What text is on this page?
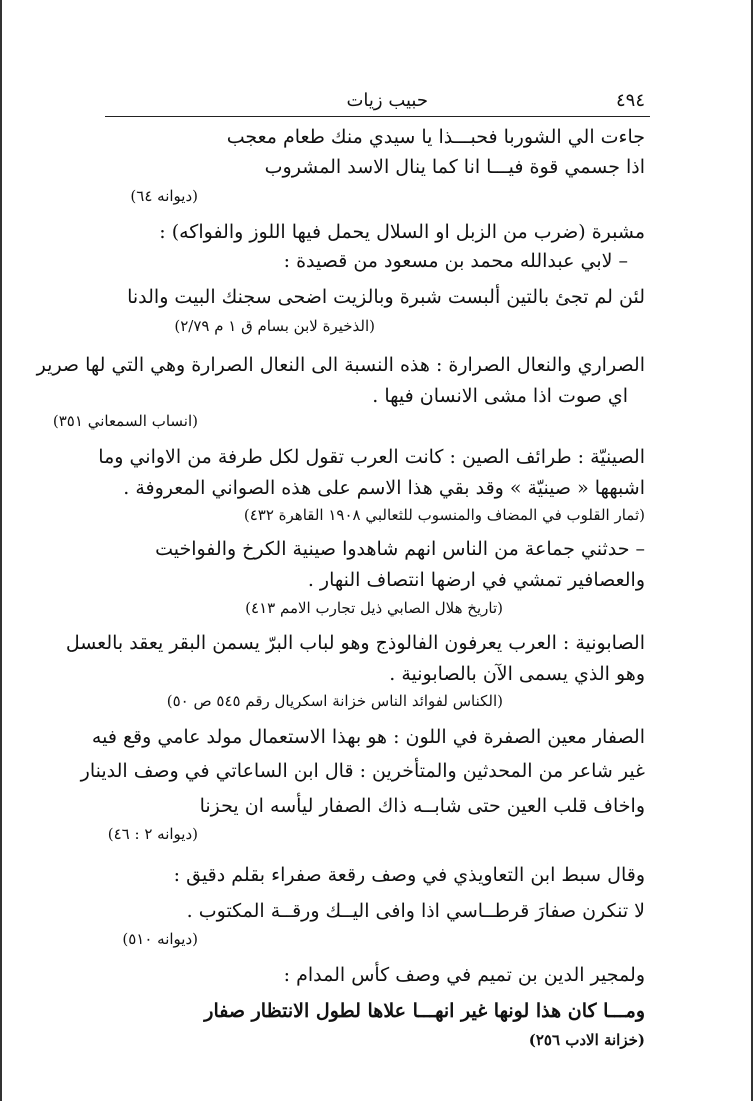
٤٩٤
حبيب زيات
جاءت الي الشوربا فحبـــذا يا سيدي منك طعام معجب
اذا جسمي قوة فيـــا انا كما ينال الاسد المشروب
(ديوانه ٦٤)
مشبرة (ضرب من الزبل او السلال يحمل فيها اللوز والفواكه) :
– لابي عبدالله محمد بن مسعود من قصيدة :
لئن لم تجئ بالتين ألبست شبرة وبالزيت اضحى سجنك البيت والدنا
(الذخيرة لابن بسام ق ١ م ٢/٧٩)
الصراري والنعال الصرارة : هذه النسبة الى النعال الصرارة وهي التي لها صرير
اي صوت اذا مشى الانسان فيها .
(انساب السمعاني ٣٥١)
الصينيّة : طرائف الصين : كانت العرب تقول لكل طرفة من الاواني وما
اشبهها « صينيّة » وقد بقي هذا الاسم على هذه الصواني المعروفة .
(ثمار القلوب في المضاف والمنسوب للثعالبي ١٩٠٨ القاهرة ٤٣٢)
– حدثني جماعة من الناس انهم شاهدوا صينية الكرخ والفواخيت
والعصافير تمشي في ارضها انتصاف النهار .
(تاريخ هلال الصابي ذيل تجارب الامم ٤١٣)
الصابونية : العرب يعرفون الفالوذج وهو لباب البرّ يسمن البقر يعقد بالعسل
وهو الذي يسمى الآن بالصابونية .
(الكناس لفوائد الناس خزانة اسكريال رقم ٥٤٥ ص ٥٠)
الصفار معين الصفرة في اللون : هو بهذا الاستعمال مولد عامي وقع فيه
غير شاعر من المحدثين والمتأخرين : قال ابن الساعاتي في وصف الدينار
واخاف قلب العين حتى شابــه ذاك الصفار ليأسه ان يحزنا
(ديوانه ٢ : ٤٦)
وقال سبط ابن التعاويذي في وصف رقعة صفراء بقلم دقيق :
لا تنكرن صفارَ قرطــاسي اذا وافى اليــك ورقــة المكتوب .
(ديوانه ٥١٠)
ولمجير الدين بن تميم في وصف كأس المدام :
ومـــا كان هذا لونها غير انهـــا علاها لطول الانتظار صفار
(خزانة الادب ٢٥٦)
